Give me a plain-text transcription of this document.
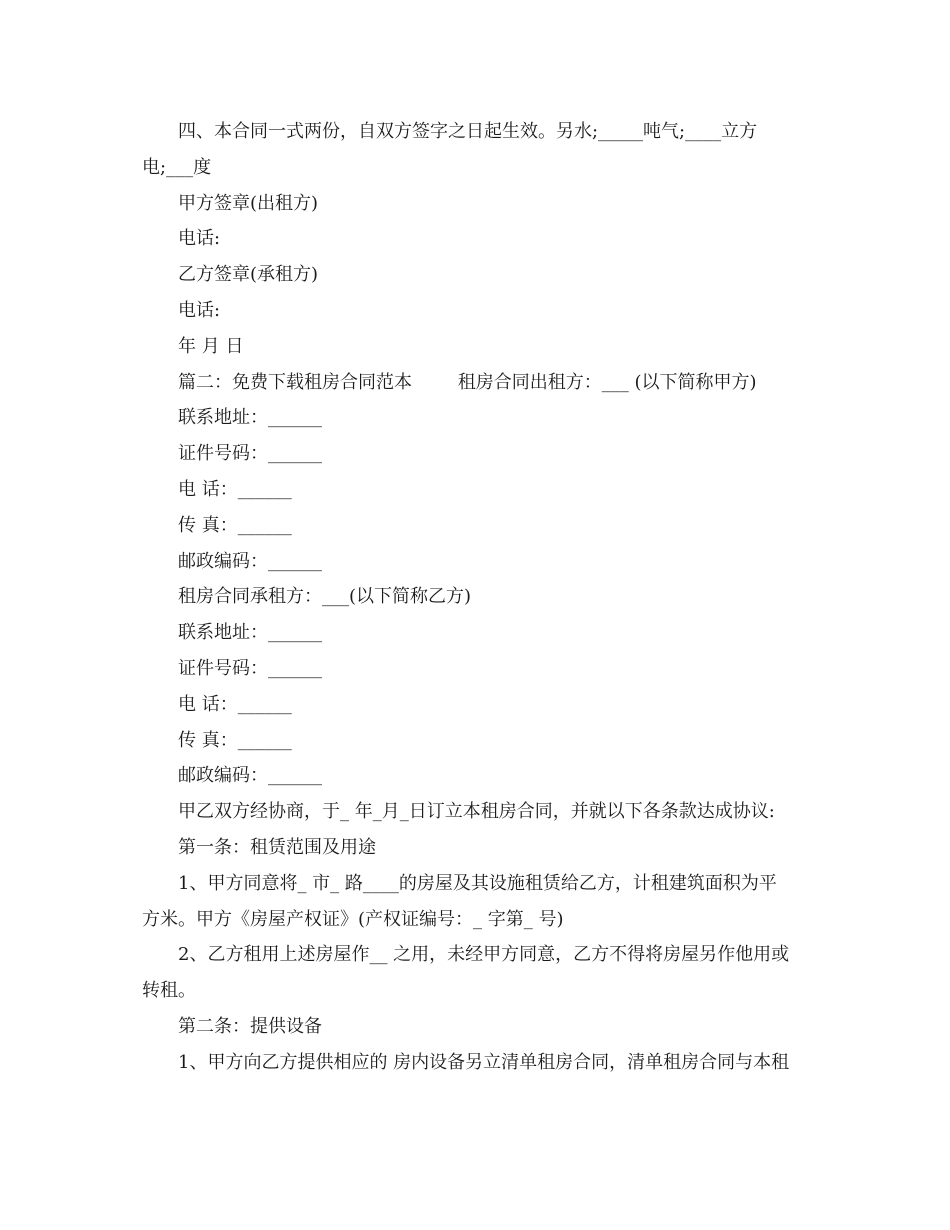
四、本合同一式两份，自双方签字之日起生效。另水;_____吨气;____立方
电;___度
甲方签章(出租方)
电话:
乙方签章(承租方)
电话:
年 月 日
篇二：免费下载租房合同范本        租房合同出租方：___ (以下简称甲方)
联系地址：______
证件号码：______
电 话：______
传 真：______
邮政编码：______
租房合同承租方：___(以下简称乙方)
联系地址：______
证件号码：______
电 话：______
传 真：______
邮政编码：______
甲乙双方经协商，于_ 年_月_日订立本租房合同，并就以下各条款达成协议:
第一条：租赁范围及用途
1、甲方同意将_ 市_ 路____的房屋及其设施租赁给乙方，计租建筑面积为平
方米。甲方《房屋产权证》(产权证编号：_ 字第_ 号)
2、乙方租用上述房屋作__ 之用，未经甲方同意，乙方不得将房屋另作他用或
转租。
第二条：提供设备
1、甲方向乙方提供相应的 房内设备另立清单租房合同，清单租房合同与本租
